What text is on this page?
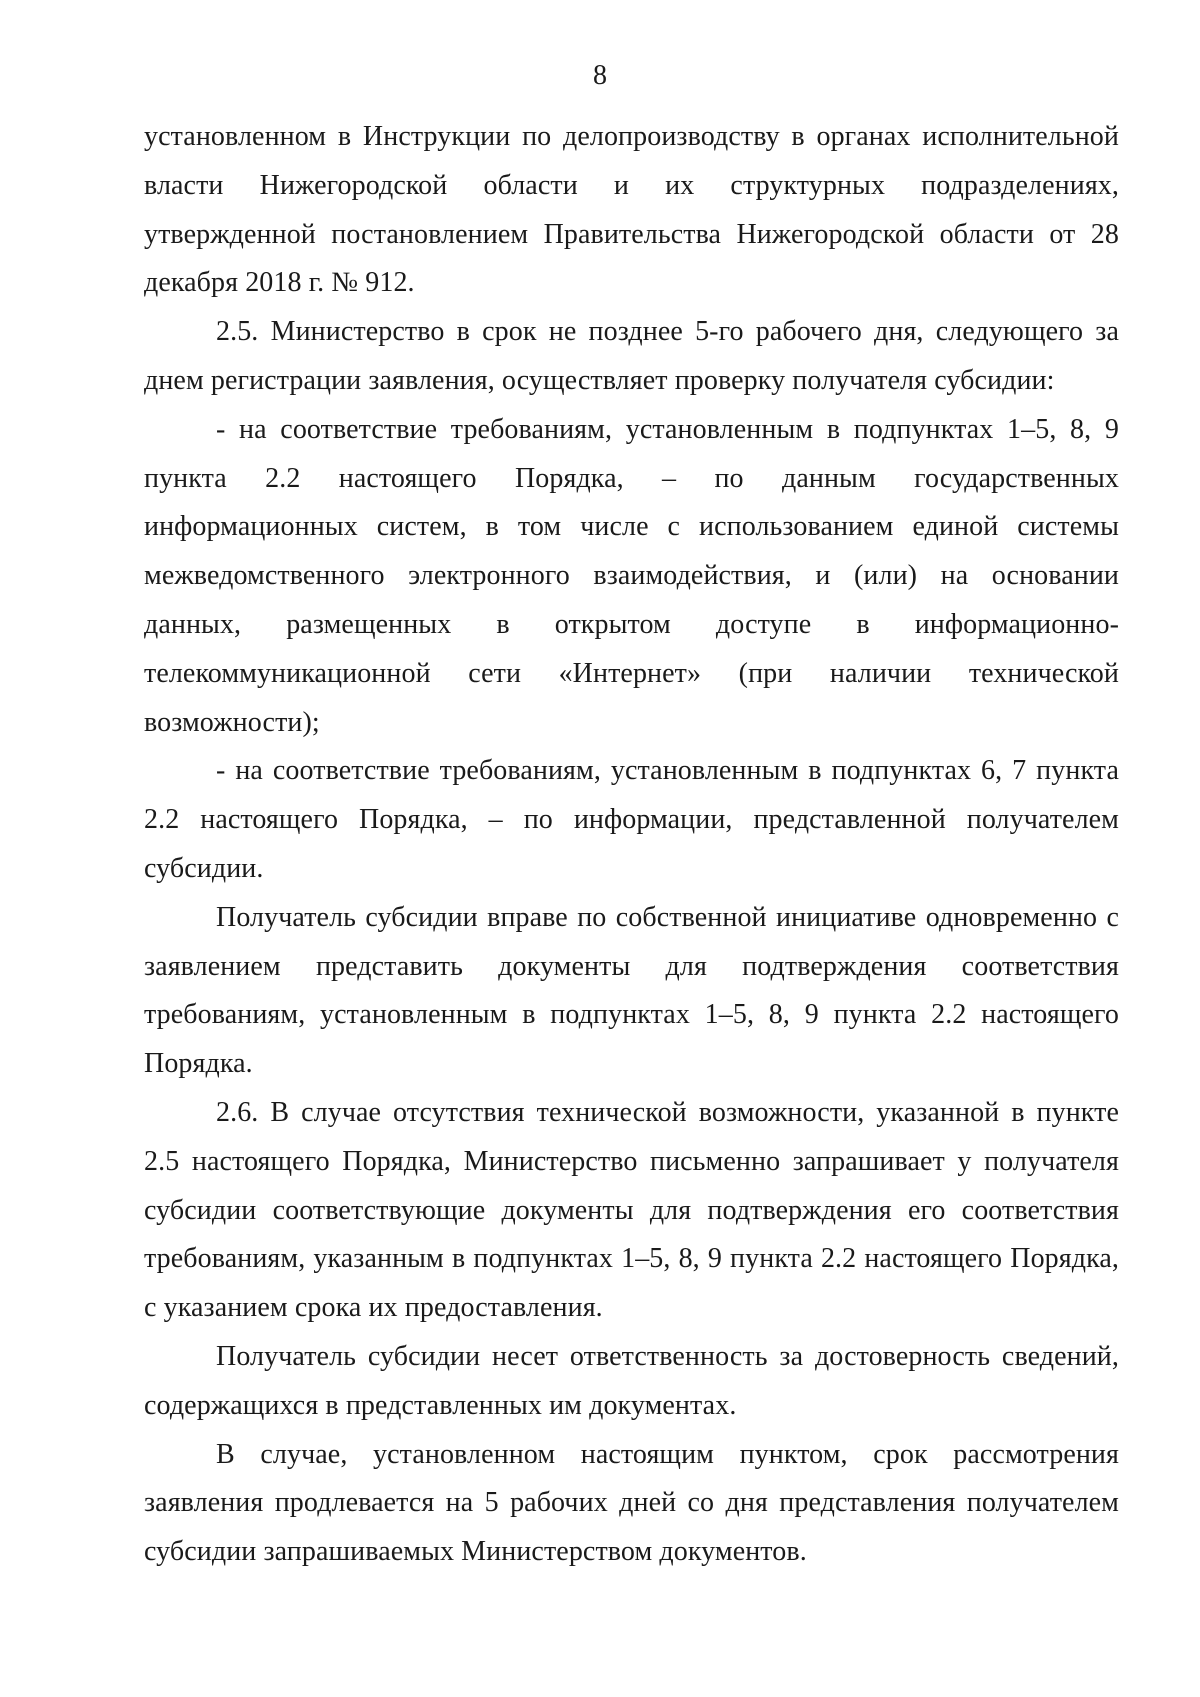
8

установленном в Инструкции по делопроизводству в органах исполнительной власти Нижегородской области и их структурных подразделениях, утвержденной постановлением Правительства Нижегородской области от 28 декабря 2018 г. № 912.

2.5. Министерство в срок не позднее 5-го рабочего дня, следующего за днем регистрации заявления, осуществляет проверку получателя субсидии:

- на соответствие требованиям, установленным в подпунктах 1–5, 8, 9 пункта 2.2 настоящего Порядка, – по данным государственных информационных систем, в том числе с использованием единой системы межведомственного электронного взаимодействия, и (или) на основании данных, размещенных в открытом доступе в информационно-телекоммуникационной сети «Интернет» (при наличии технической возможности);

- на соответствие требованиям, установленным в подпунктах 6, 7 пункта 2.2 настоящего Порядка, – по информации, представленной получателем субсидии.

Получатель субсидии вправе по собственной инициативе одновременно с заявлением представить документы для подтверждения соответствия требованиям, установленным в подпунктах 1–5, 8, 9 пункта 2.2 настоящего Порядка.

2.6. В случае отсутствия технической возможности, указанной в пункте 2.5 настоящего Порядка, Министерство письменно запрашивает у получателя субсидии соответствующие документы для подтверждения его соответствия требованиям, указанным в подпунктах 1–5, 8, 9 пункта 2.2 настоящего Порядка, с указанием срока их предоставления.

Получатель субсидии несет ответственность за достоверность сведений, содержащихся в представленных им документах.

В случае, установленном настоящим пунктом, срок рассмотрения заявления продлевается на 5 рабочих дней со дня представления получателем субсидии запрашиваемых Министерством документов.
